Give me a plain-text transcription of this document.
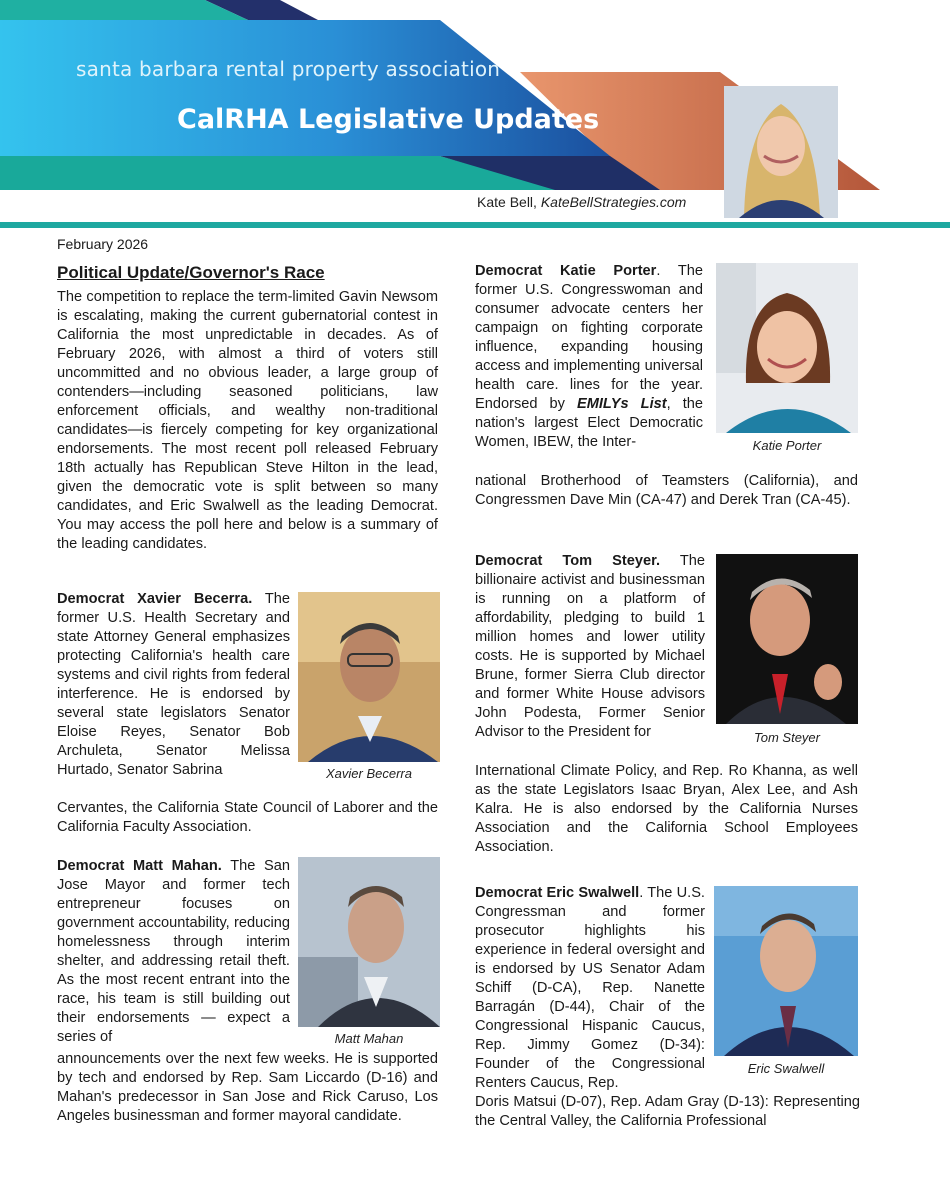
santa barbara rental property association
CalRHA Legislative Updates
Kate Bell, KateBellStrategies.com
February 2026
Political Update/Governor's Race
The competition to replace the term-limited Gavin Newsom is escalating, making the current gubernatorial contest in California the most unpredictable in decades. As of February 2026, with almost a third of voters still uncommitted and no obvious leader, a large group of contenders—including seasoned politicians, law enforcement officials, and wealthy non-traditional candidates—is fiercely competing for key organizational endorsements. The most recent poll released February 18th actually has Republican Steve Hilton in the lead, given the democratic vote is split between so many candidates, and Eric Swalwell as the leading Democrat. You may access the poll here and below is a summary of the leading candidates.
Democrat Xavier Becerra. The former U.S. Health Secretary and state Attorney General emphasizes protecting California's health care systems and civil rights from federal interference. He is endorsed by several state legislators Senator Eloise Reyes, Senator Bob Archuleta, Senator Melissa Hurtado, Senator Sabrina	Xavier Becerra
Cervantes, the California State Council of Laborer and the California Faculty Association.
Democrat Matt Mahan. The San Jose Mayor and former tech entrepreneur focuses on government accountability, reducing homelessness through interim shelter, and addressing retail theft. As the most recent entrant into the race, his team is still building out their endorsements — expect a series of	Matt Mahan
announcements over the next few weeks. He is supported by tech and endorsed by Rep. Sam Liccardo (D-16) and Mahan's predecessor in San Jose and Rick Caruso, Los Angeles businessman and former mayoral candidate.
Democrat Katie Porter. The former U.S. Congresswoman and consumer advocate centers her campaign on fighting corporate influence, expanding housing access and implementing universal health care. lines for the year. Endorsed by EMILYs List, the nation's largest Elect Democratic Women, IBEW, the Inter-	Katie Porter
national Brotherhood of Teamsters (California), and Congressmen Dave Min (CA-47) and Derek Tran (CA-45).
Democrat Tom Steyer. The billionaire activist and businessman is running on a platform of affordability, pledging to build 1 million homes and lower utility costs. He is supported by Michael Brune, former Sierra Club director and former White House advisors John Podesta, Former Senior Advisor to the President for	Tom Steyer
International Climate Policy, and Rep. Ro Khanna, as well as the state Legislators Isaac Bryan, Alex Lee, and Ash Kalra. He is also endorsed by the California Nurses Association and the California School Employees Association.
Democrat Eric Swalwell. The U.S. Congressman and former prosecutor highlights his experience in federal oversight and is endorsed by US Senator Adam Schiff (D-CA), Rep. Nanette Barragán (D-44), Chair of the Congressional Hispanic Caucus, Rep. Jimmy Gomez (D-34): Founder of the Congressional Renters Caucus, Rep.
Eric Swalwell
Doris Matsui (D-07), Rep. Adam Gray (D-13): Representing the Central Valley, the California Professional
